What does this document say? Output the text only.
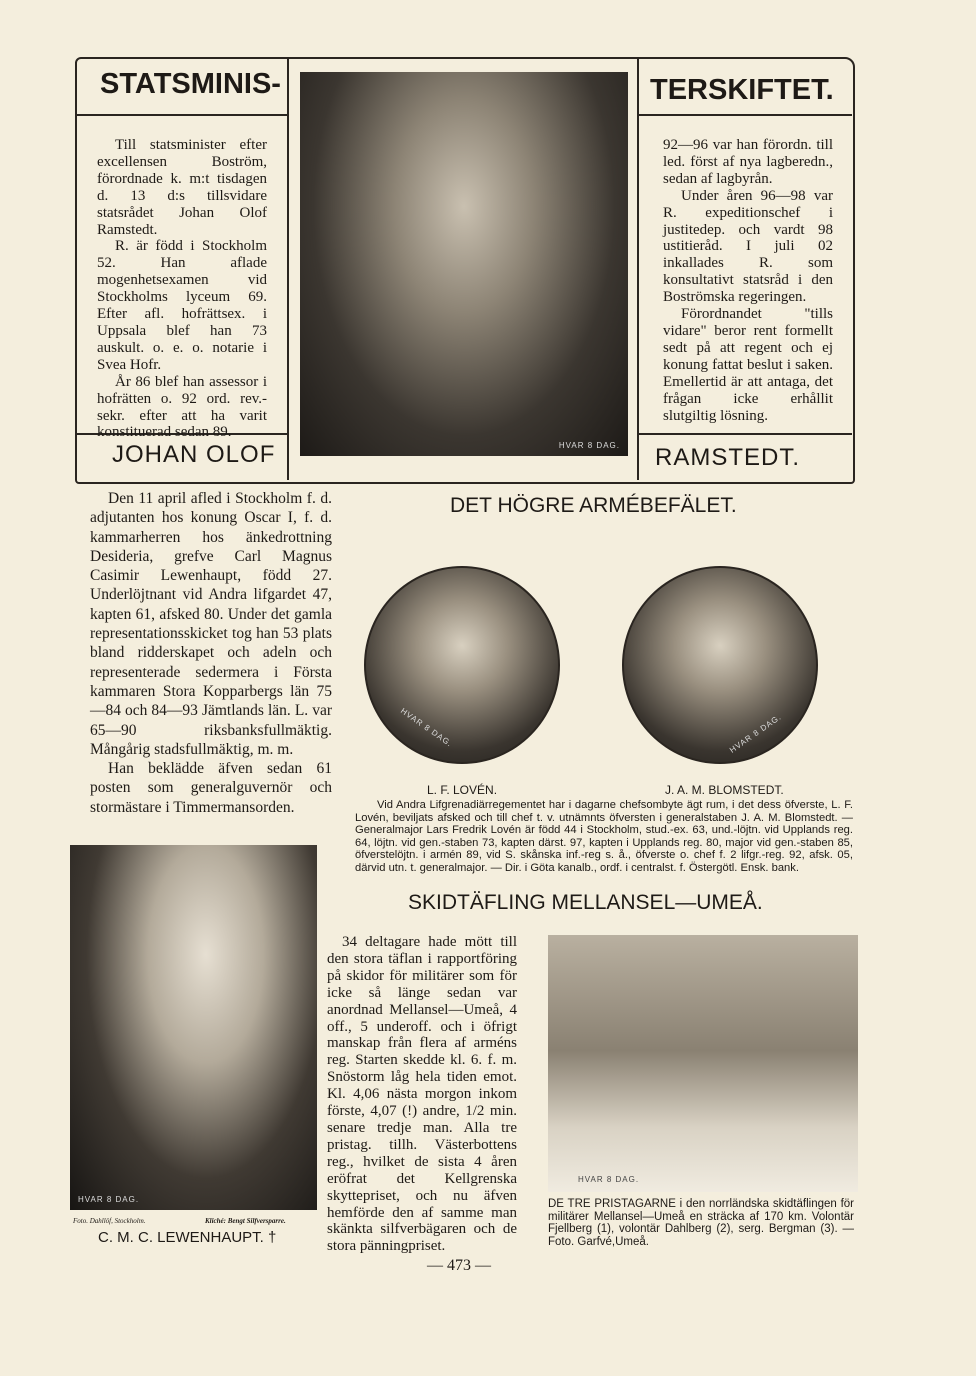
STATSMINIS-	TERSKIFTET.

Till statsminister efter excellensen Boström, förordnade k. m:t tisdagen d. 13 d:s tillsvidare statsrådet Johan Olof Ramstedt.

R. är född i Stockholm 52. Han aflade mogenhetsexamen vid Stockholms lyceum 69. Efter afl. hofrättsex. i Uppsala blef han 73 auskult. o. e. o. notarie i Svea Hofr.

År 86 blef han assessor i hofrätten o. 92 ord. rev.-sekr. efter att ha varit konstituerad sedan 89.

HVAR 8 DAG.

92—96 var han förordn. till led. först af nya lagberedn., sedan af lagbyrån.

Under åren 96—98 var R. expeditionschef i justitedep. och vardt 98 ustitieråd. I juli 02 inkallades R. som konsultativt statsråd i den Boströmska regeringen.

Förordnandet "tills vidare" beror rent formellt sedt på att regent och ej konung fattat beslut i saken. Emellertid är att antaga, det frågan icke erhållit slutgiltig lösning.

JOHAN OLOF	RAMSTEDT.

Den 11 april afled i Stockholm f. d. adjutanten hos konung Oscar I, f. d. kammarherren hos änkedrottning Desideria, grefve Carl Magnus Casimir Lewenhaupt, född 27. Underlöjtnant vid Andra lifgardet 47, kapten 61, afsked 80. Under det gamla representationsskicket tog han 53 plats bland ridderskapet och adeln och representerade sedermera i Första kammaren Stora Kopparbergs län 75—84 och 84—93 Jämtlands län. L. var 65—90 riksbanksfullmäktig. Mångårig stadsfullmäktig, m. m.

Han beklädde äfven sedan 61 posten som generalguvernör och stormästare i Timmermansorden.

HVAR 8 DAG.
Foto. Dahllöf, Stockholm.	Kliché: Bengt Silfversparre.
C. M. C. LEWENHAUPT. †
DET HÖGRE ARMÉBEFÄLET.
HVAR 8 DAG.	HVAR 8 DAG.
L. F. LOVÉN.	J. A. M. BLOMSTEDT.
Vid Andra Lifgrenadiärregementet har i dagarne chefsombyte ägt rum, i det dess öfverste, L. F. Lovén, beviljats afsked och till chef t. v. utnämnts öfversten i generalstaben J. A. M. Blomstedt. — Generalmajor Lars Fredrik Lovén är född 44 i Stockholm, stud.-ex. 63, und.-löjtn. vid Upplands reg. 64, löjtn. vid gen.-staben 73, kapten därst. 97, kapten i Upplands reg. 80, major vid gen.-staben 85, öfverstelöjtn. i armén 89, vid S. skånska inf.-reg s. å., öfverste o. chef f. 2 lifgr.-reg. 92, afsk. 05, därvid utn. t. generalmajor. — Dir. i Göta kanalb., ordf. i centralst. f. Östergötl. Ensk. bank.
SKIDTÄFLING MELLANSEL—UMEÅ.
34 deltagare hade mött till den stora täflan i rapportföring på skidor för militärer som för icke så länge sedan var anordnad Mellansel—Umeå, 4 off., 5 underoff. och i öfrigt manskap från flera af arméns reg. Starten skedde kl. 6. f. m. Snöstorm låg hela tiden emot. Kl. 4,06 nästa morgon inkom förste, 4,07 (!) andre, 1/2 min. senare tredje man. Alla tre pristag. tillh. Västerbottens reg., hvilket de sista 4 åren eröfrat det Kellgrenska skyttepriset, och nu äfven hemförde den af samme man skänkta silfverbägaren och de stora pänningpriset.
HVAR 8 DAG.
DE TRE PRISTAGARNE i den norrländska skidtäflingen för militärer Mellansel—Umeå en sträcka af 170 km. Volontär Fjellberg (1), volontär Dahlberg (2), serg. Bergman (3). — Foto. Garfvé,Umeå.
— 473 —
